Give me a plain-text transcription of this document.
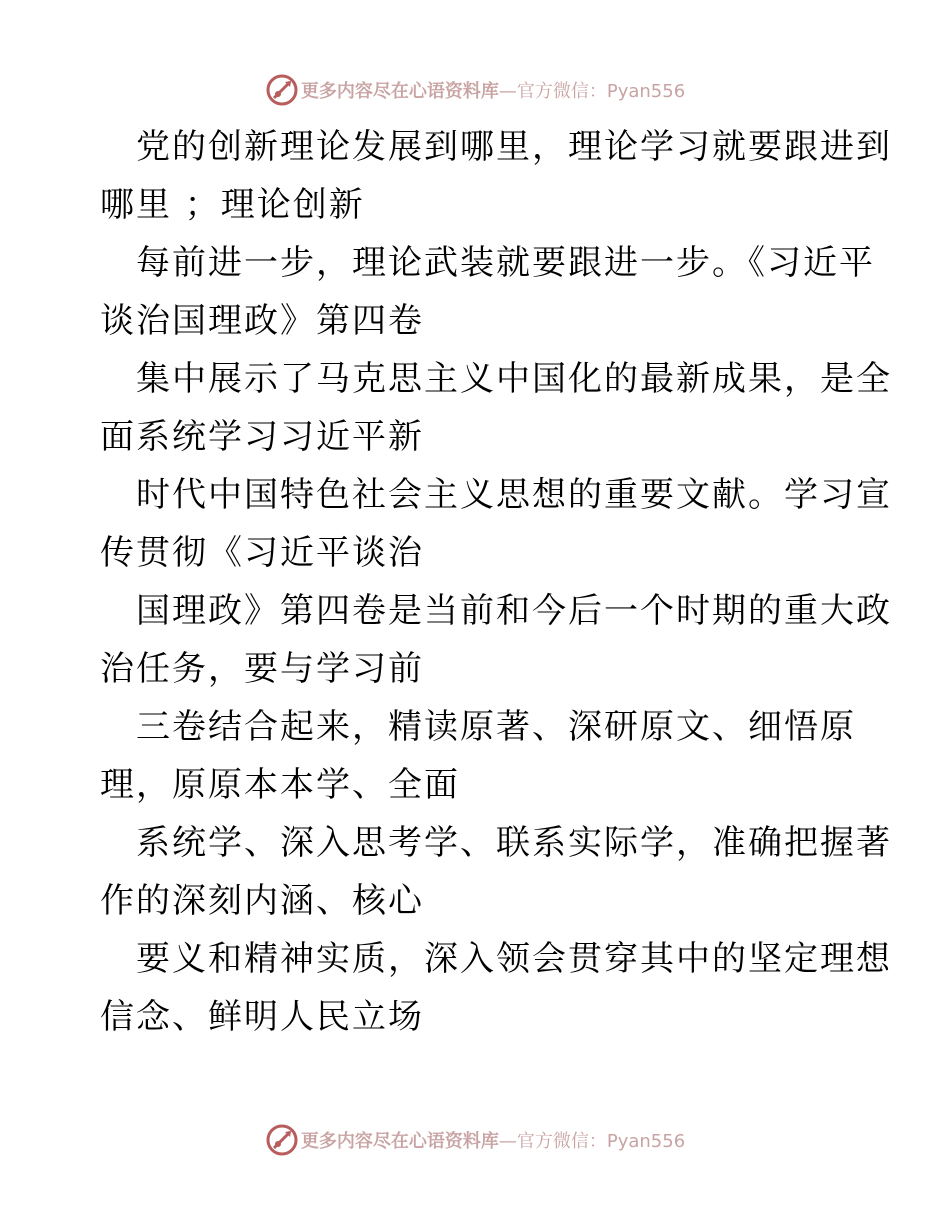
更多内容尽在心语资料库—官方微信：Pyan556
党的创新理论发展到哪里，理论学习就要跟进到
哪里 ；理论创新
每前进一步，理论武装就要跟进一步。《习近平
谈治国理政》第四卷
集中展示了马克思主义中国化的最新成果，是全
面系统学习习近平新
时代中国特色社会主义思想的重要文献。学习宣
传贯彻《习近平谈治
国理政》第四卷是当前和今后一个时期的重大政
治任务，要与学习前
三卷结合起来，精读原著、深研原文、细悟原
理，原原本本学、全面
系统学、深入思考学、联系实际学，准确把握著
作的深刻内涵、核心
要义和精神实质，深入领会贯穿其中的坚定理想
信念、鲜明人民立场
更多内容尽在心语资料库—官方微信：Pyan556
